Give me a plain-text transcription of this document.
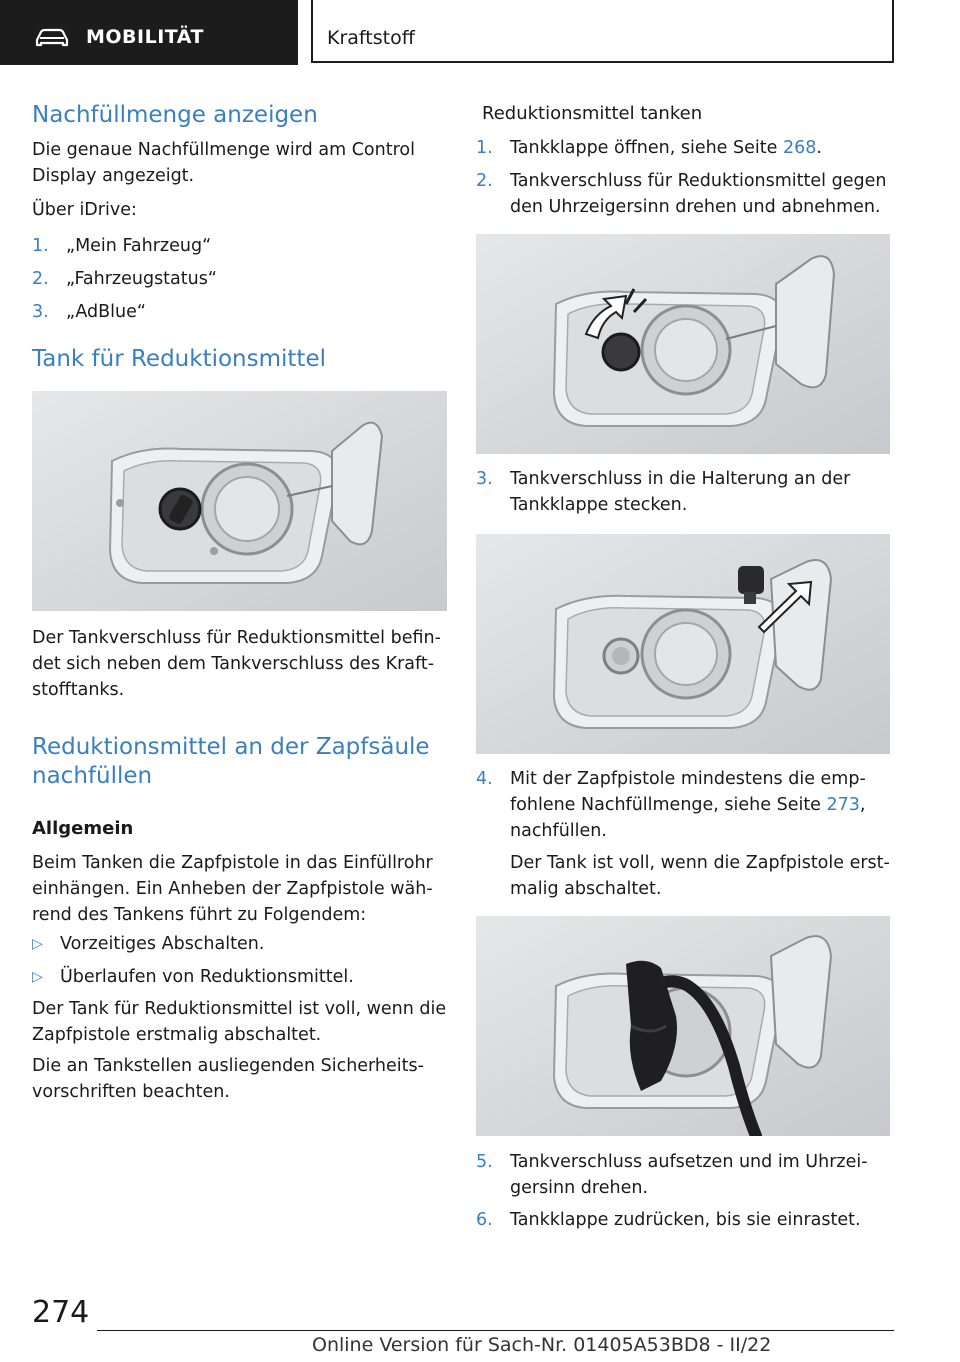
MOBILITÄT	Kraftstoff
Nachfüllmenge anzeigen

Die genaue Nachfüllmenge wird am Control

Display angezeigt.

Über iDrive:

1. „Mein Fahrzeug“
2. „Fahrzeugstatus“
3. „AdBlue“
Tank für Reduktionsmittel

Der Tankverschluss für Reduktionsmittel befin-

det sich neben dem Tankverschluss des Kraft-

stofftanks.

Reduktionsmittel an der Zapfsäule
nachfüllen

Allgemein

Beim Tanken die Zapfpistole in das Einfüllrohr

einhängen. Ein Anheben der Zapfpistole wäh-

rend des Tankens führt zu Folgendem:

▷ Vorzeitiges Abschalten.
▷ Überlaufen von Reduktionsmittel.

Der Tank für Reduktionsmittel ist voll, wenn die

Zapfpistole erstmalig abschaltet.

Die an Tankstellen ausliegenden Sicherheits-

vorschriften beachten.

Reduktionsmittel tanken

1. Tankklappe öffnen, siehe Seite 268.
2. Tankverschluss für Reduktionsmittel gegen
den Uhrzeigersinn drehen und abnehmen.
3. Tankverschluss in die Halterung an der
Tankklappe stecken.
4. Mit der Zapfpistole mindestens die emp-
fohlene Nachfüllmenge, siehe Seite 273,
nachfüllen.
Der Tank ist voll, wenn die Zapfpistole erst-
malig abschaltet.
5. Tankverschluss aufsetzen und im Uhrzei-
gersinn drehen.
6. Tankklappe zudrücken, bis sie einrastet.
274
Online Version für Sach-Nr. 01405A53BD8 - II/22
